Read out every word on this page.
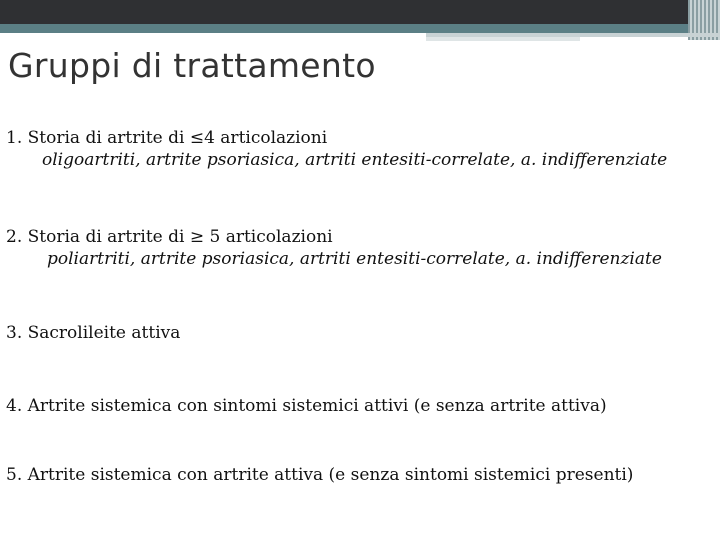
Gruppi di trattamento
1. Storia di artrite di ≤4 articolazioni
oligoartriti, artrite psoriasica, artriti entesiti-correlate, a. indifferenziate
2. Storia di artrite di ≥ 5 articolazioni
poliartriti, artrite psoriasica, artriti entesiti-correlate, a. indifferenziate
3. Sacrolileite attiva
4. Artrite sistemica con sintomi sistemici attivi (e senza artrite attiva)
5. Artrite sistemica con artrite attiva (e senza sintomi sistemici presenti)
